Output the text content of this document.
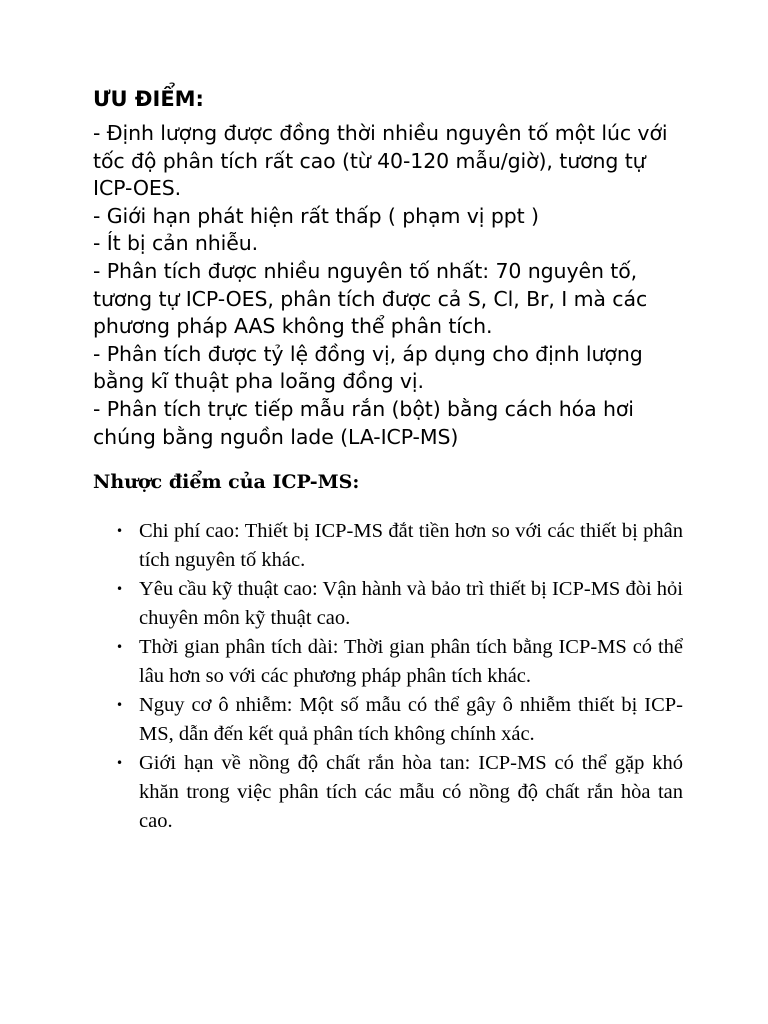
ƯU ĐIỂM:
- Định lượng được đồng thời nhiều nguyên tố một lúc với tốc độ phân tích rất cao (từ 40-120 mẫu/giờ), tương tự ICP-OES.
- Giới hạn phát hiện rất thấp ( phạm vị ppt )
- Ít bị cản nhiễu.
- Phân tích được nhiều nguyên tố nhất: 70 nguyên tố, tương tự ICP-OES, phân tích được cả S, Cl, Br, I mà các phương pháp AAS không thể phân tích.
- Phân tích được tỷ lệ đồng vị, áp dụng cho định lượng bằng kĩ thuật pha loãng đồng vị.
- Phân tích trực tiếp mẫu rắn (bột) bằng cách hóa hơi chúng bằng nguồn lade (LA-ICP-MS)
Nhược điểm của ICP-MS:
• Chi phí cao: Thiết bị ICP-MS đắt tiền hơn so với các thiết bị phân tích nguyên tố khác.
• Yêu cầu kỹ thuật cao: Vận hành và bảo trì thiết bị ICP-MS đòi hỏi chuyên môn kỹ thuật cao.
• Thời gian phân tích dài: Thời gian phân tích bằng ICP-MS có thể lâu hơn so với các phương pháp phân tích khác.
• Nguy cơ ô nhiễm: Một số mẫu có thể gây ô nhiễm thiết bị ICP-MS, dẫn đến kết quả phân tích không chính xác.
• Giới hạn về nồng độ chất rắn hòa tan: ICP-MS có thể gặp khó khăn trong việc phân tích các mẫu có nồng độ chất rắn hòa tan cao.
